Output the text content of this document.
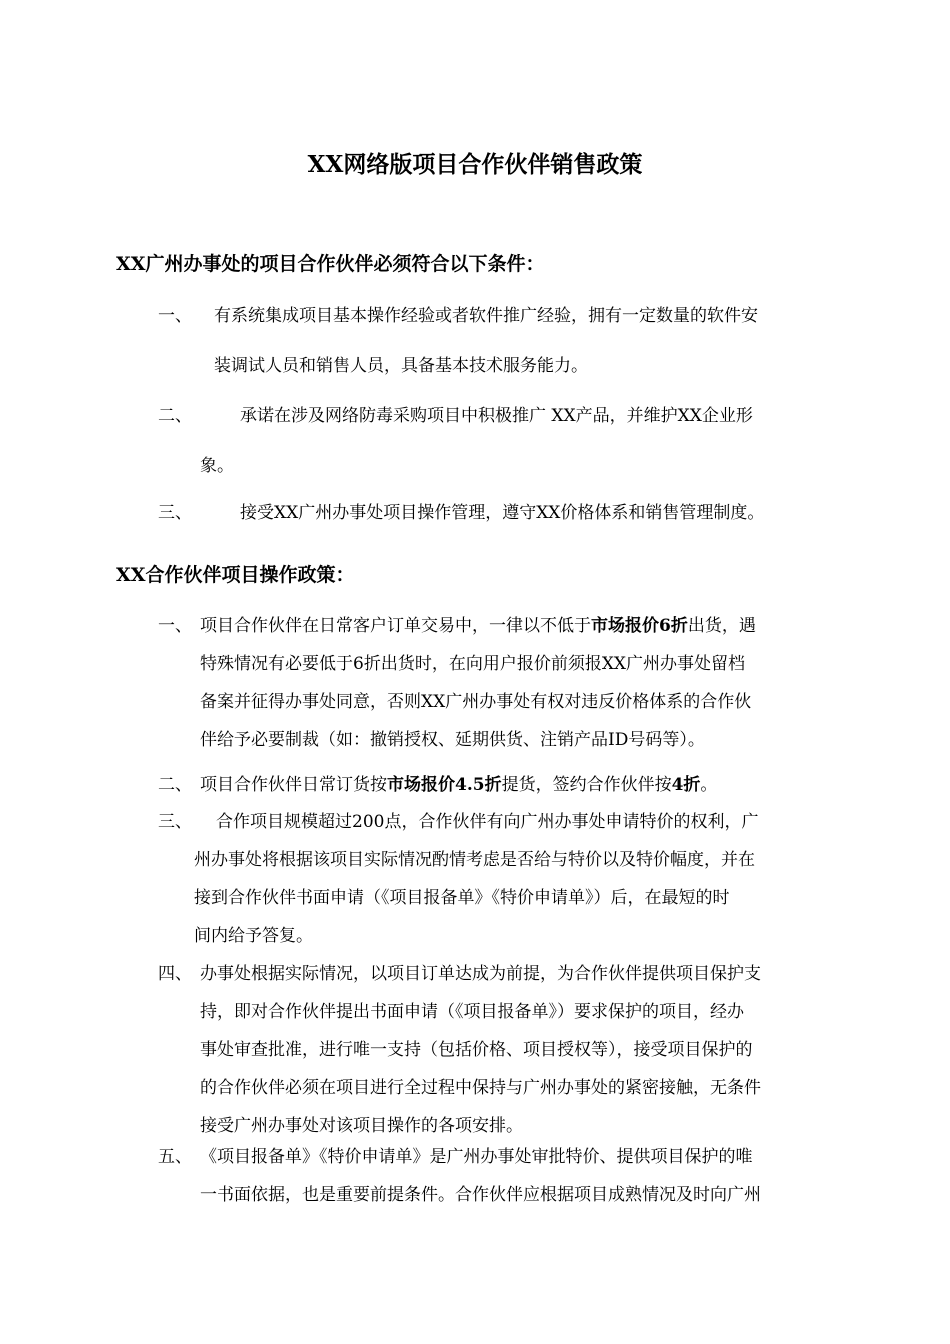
XX网络版项目合作伙伴销售政策
XX广州办事处的项目合作伙伴必须符合以下条件：
一、 有系统集成项目基本操作经验或者软件推广经验，拥有一定数量的软件安
装调试人员和销售人员，具备基本技术服务能力。
二、	承诺在涉及网络防毒采购项目中积极推广 XX产品，并维护XX企业形
象。
三、	接受XX广州办事处项目操作管理，遵守XX价格体系和销售管理制度。
XX合作伙伴项目操作政策：
一、 项目合作伙伴在日常客户订单交易中，一律以不低于市场报价6折出货，遇
特殊情况有必要低于6折出货时，在向用户报价前须报XX广州办事处留档
备案并征得办事处同意，否则XX广州办事处有权对违反价格体系的合作伙
伴给予必要制裁（如：撤销授权、延期供货、注销产品ID号码等）。
二、 项目合作伙伴日常订货按市场报价4.5折提货，签约合作伙伴按4折。
三、 合作项目规模超过200点，合作伙伴有向广州办事处申请特价的权利，广
州办事处将根据该项目实际情况酌情考虑是否给与特价以及特价幅度，并在
接到合作伙伴书面申请（《项目报备单》《特价申请单》）后，在最短的时
间内给予答复。
四、 办事处根据实际情况，以项目订单达成为前提，为合作伙伴提供项目保护支
持，即对合作伙伴提出书面申请（《项目报备单》）要求保护的项目，经办
事处审查批准，进行唯一支持（包括价格、项目授权等），接受项目保护的
的合作伙伴必须在项目进行全过程中保持与广州办事处的紧密接触，无条件
接受广州办事处对该项目操作的各项安排。
五、 《项目报备单》《特价申请单》是广州办事处审批特价、提供项目保护的唯
一书面依据，也是重要前提条件。合作伙伴应根据项目成熟情况及时向广州
